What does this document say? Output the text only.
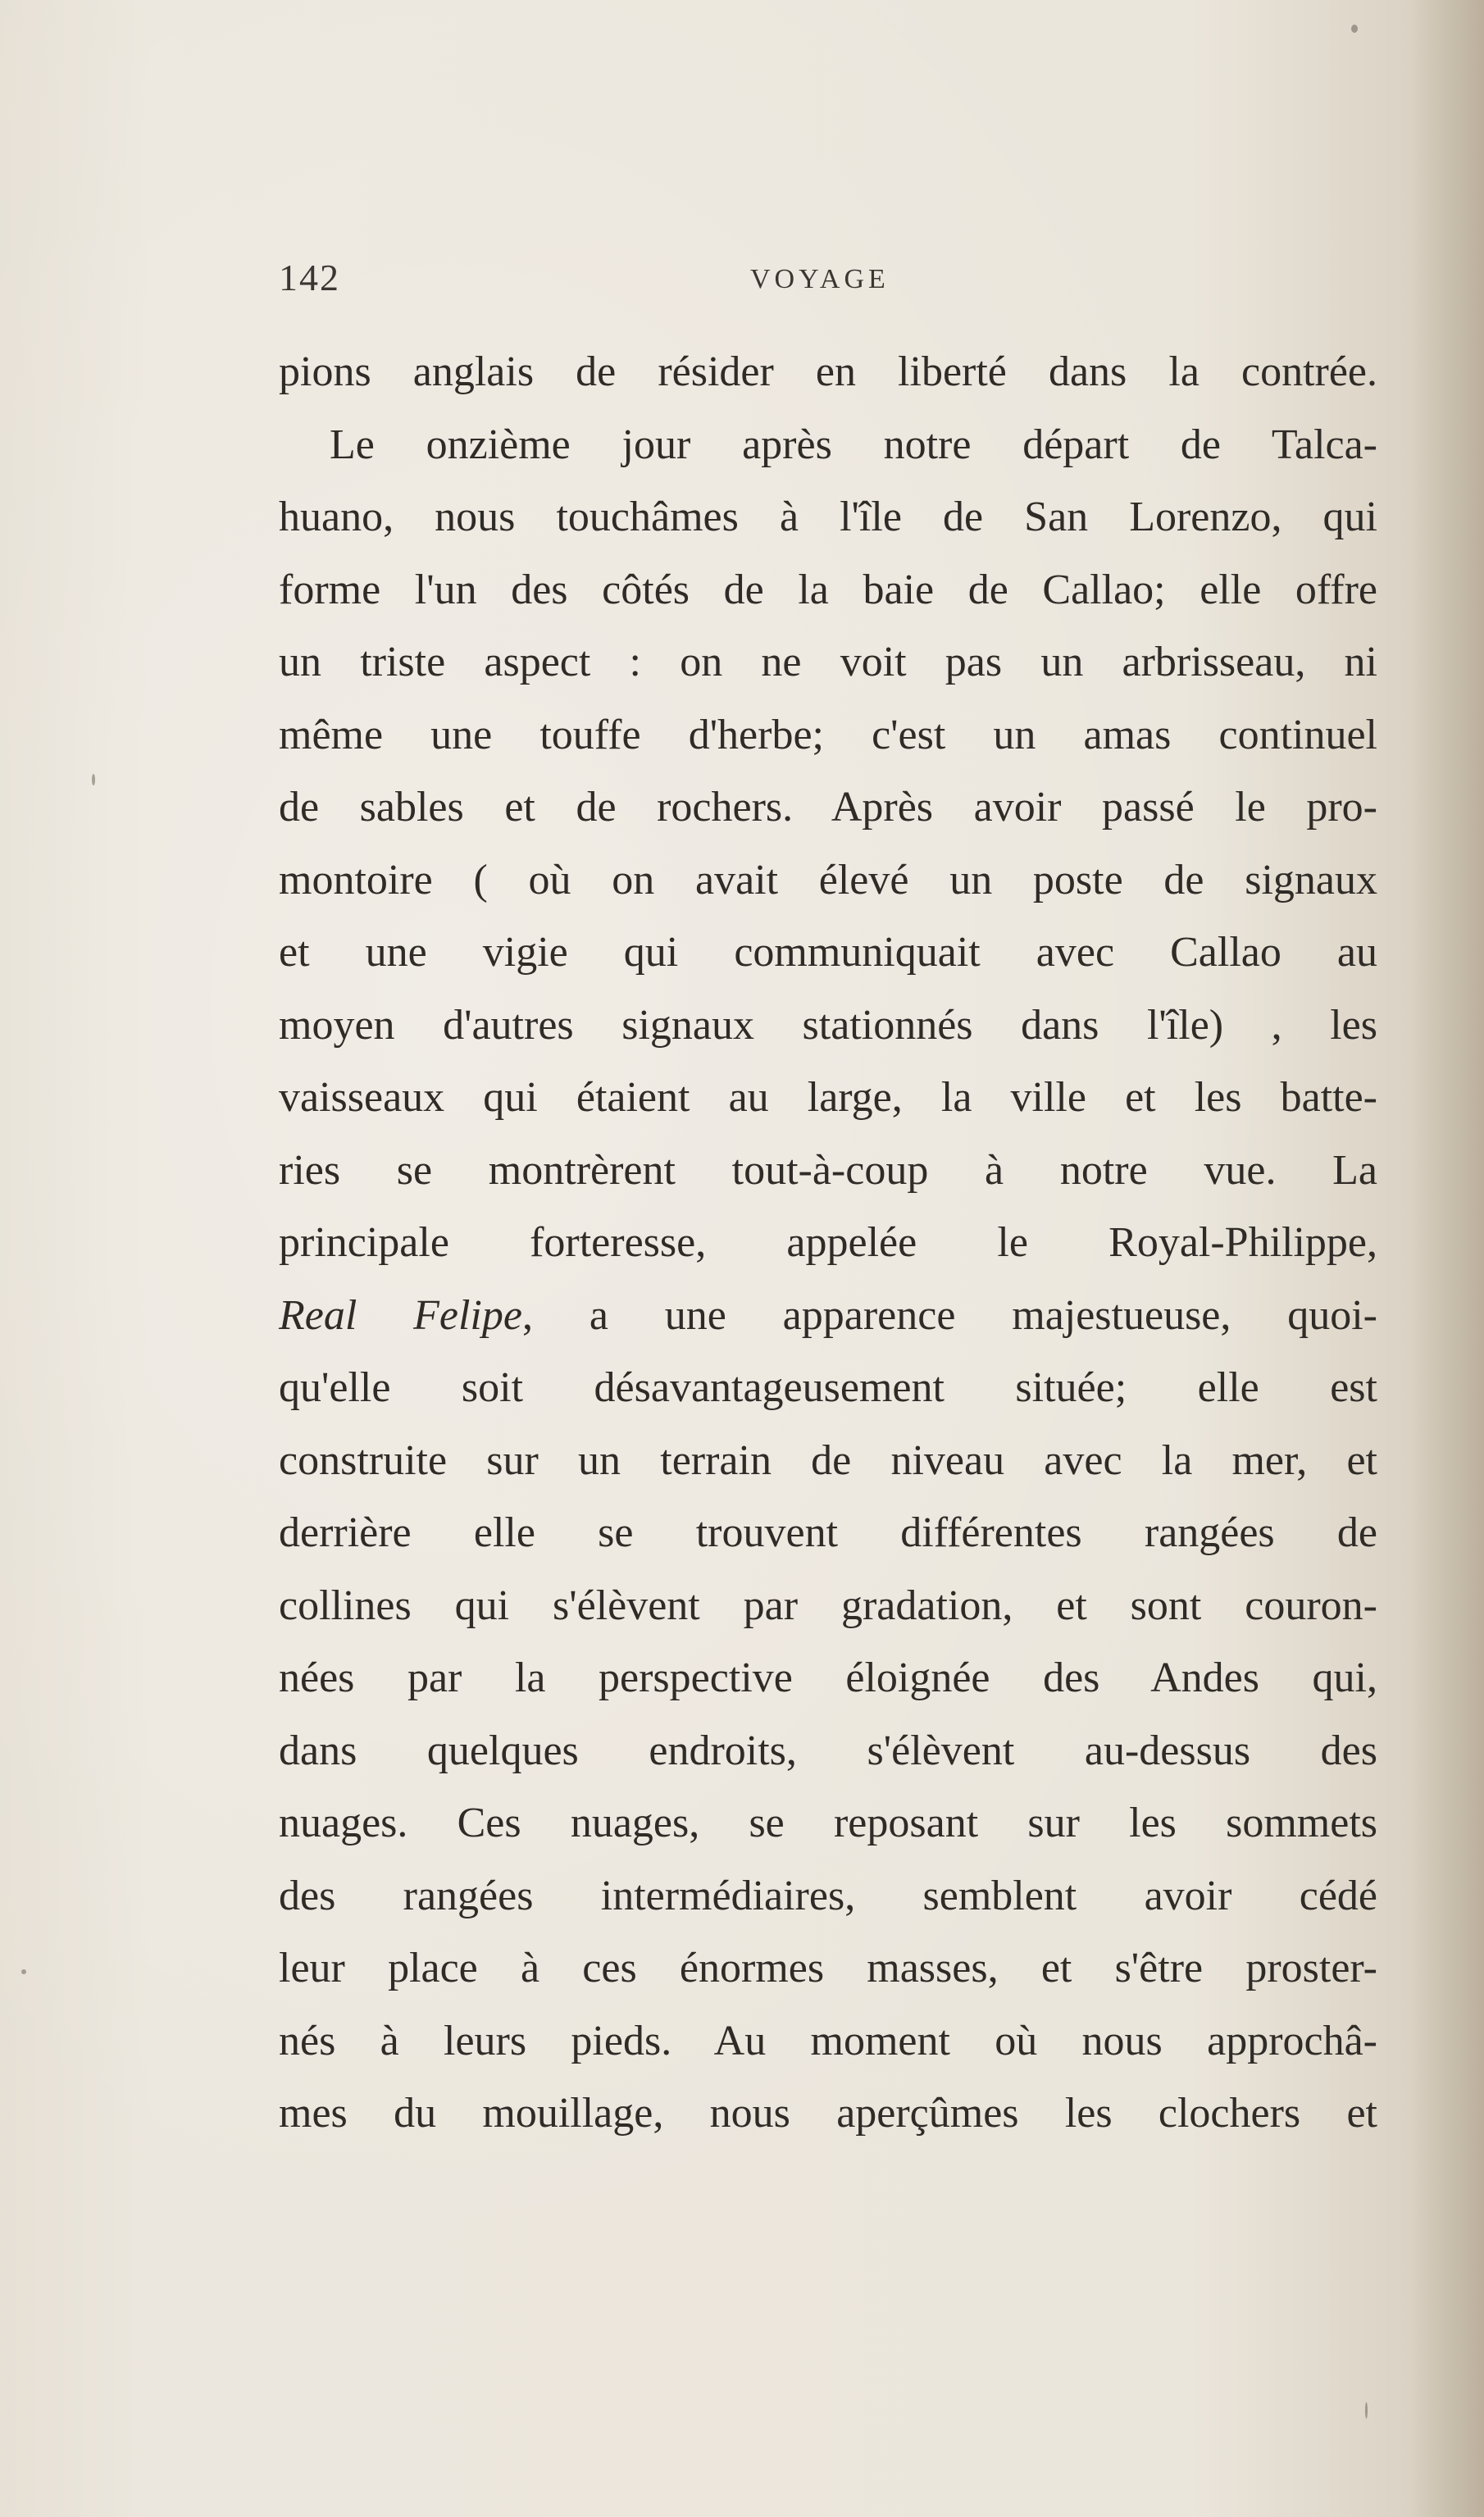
142	VOYAGE
pions anglais de résider en liberté dans la contrée.
Le onzième jour après notre départ de Talca-
huano, nous touchâmes à l'île de San Lorenzo, qui
forme l'un des côtés de la baie de Callao; elle offre
un triste aspect : on ne voit pas un arbrisseau, ni
même une touffe d'herbe; c'est un amas continuel
de sables et de rochers. Après avoir passé le pro-
montoire ( où on avait élevé un poste de signaux
et une vigie qui communiquait avec Callao au
moyen d'autres signaux stationnés dans l'île) , les
vaisseaux qui étaient au large, la ville et les batte-
ries se montrèrent tout-à-coup à notre vue. La
principale forteresse, appelée le Royal-Philippe,
Real Felipe, a une apparence majestueuse, quoi-
qu'elle soit désavantageusement située; elle est
construite sur un terrain de niveau avec la mer, et
derrière elle se trouvent différentes rangées de
collines qui s'élèvent par gradation, et sont couron-
nées par la perspective éloignée des Andes qui,
dans quelques endroits, s'élèvent au-dessus des
nuages. Ces nuages, se reposant sur les sommets
des rangées intermédiaires, semblent avoir cédé
leur place à ces énormes masses, et s'être proster-
nés à leurs pieds. Au moment où nous approchâ-
mes du mouillage, nous aperçûmes les clochers et
